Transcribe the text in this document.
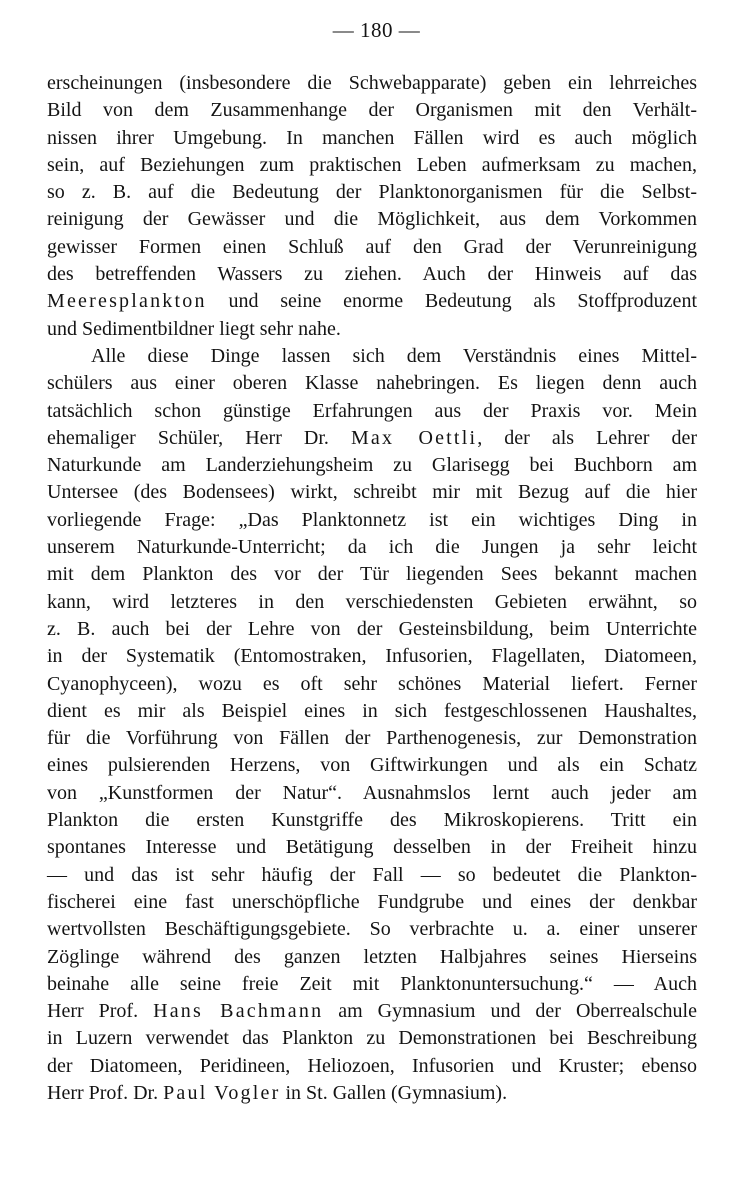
— 180 —
erscheinungen (insbesondere die Schwebapparate) geben ein lehrreiches
Bild von dem Zusammenhange der Organismen mit den Verhält-
nissen ihrer Umgebung. In manchen Fällen wird es auch möglich
sein, auf Beziehungen zum praktischen Leben aufmerksam zu machen,
so z. B. auf die Bedeutung der Planktonorganismen für die Selbst-
reinigung der Gewässer und die Möglichkeit, aus dem Vorkommen
gewisser Formen einen Schluß auf den Grad der Verunreinigung
des betreffenden Wassers zu ziehen. Auch der Hinweis auf das
Meeresplankton und seine enorme Bedeutung als Stoffproduzent
und Sedimentbildner liegt sehr nahe.
Alle diese Dinge lassen sich dem Verständnis eines Mittel-
schülers aus einer oberen Klasse nahebringen. Es liegen denn auch
tatsächlich schon günstige Erfahrungen aus der Praxis vor. Mein
ehemaliger Schüler, Herr Dr. Max Oettli, der als Lehrer der
Naturkunde am Landerziehungsheim zu Glarisegg bei Buchborn am
Untersee (des Bodensees) wirkt, schreibt mir mit Bezug auf die hier
vorliegende Frage: „Das Planktonnetz ist ein wichtiges Ding in
unserem Naturkunde-Unterricht; da ich die Jungen ja sehr leicht
mit dem Plankton des vor der Tür liegenden Sees bekannt machen
kann, wird letzteres in den verschiedensten Gebieten erwähnt, so
z. B. auch bei der Lehre von der Gesteinsbildung, beim Unterrichte
in der Systematik (Entomostraken, Infusorien, Flagellaten, Diatomeen,
Cyanophyceen), wozu es oft sehr schönes Material liefert. Ferner
dient es mir als Beispiel eines in sich festgeschlossenen Haushaltes,
für die Vorführung von Fällen der Parthenogenesis, zur Demonstration
eines pulsierenden Herzens, von Giftwirkungen und als ein Schatz
von „Kunstformen der Natur“. Ausnahmslos lernt auch jeder am
Plankton die ersten Kunstgriffe des Mikroskopierens. Tritt ein
spontanes Interesse und Betätigung desselben in der Freiheit hinzu
— und das ist sehr häufig der Fall — so bedeutet die Plankton-
fischerei eine fast unerschöpfliche Fundgrube und eines der denkbar
wertvollsten Beschäftigungsgebiete. So verbrachte u. a. einer unserer
Zöglinge während des ganzen letzten Halbjahres seines Hierseins
beinahe alle seine freie Zeit mit Planktonuntersuchung.“ — Auch
Herr Prof. Hans Bachmann am Gymnasium und der Oberrealschule
in Luzern verwendet das Plankton zu Demonstrationen bei Beschreibung
der Diatomeen, Peridineen, Heliozoen, Infusorien und Kruster; ebenso
Herr Prof. Dr. Paul Vogler in St. Gallen (Gymnasium).
